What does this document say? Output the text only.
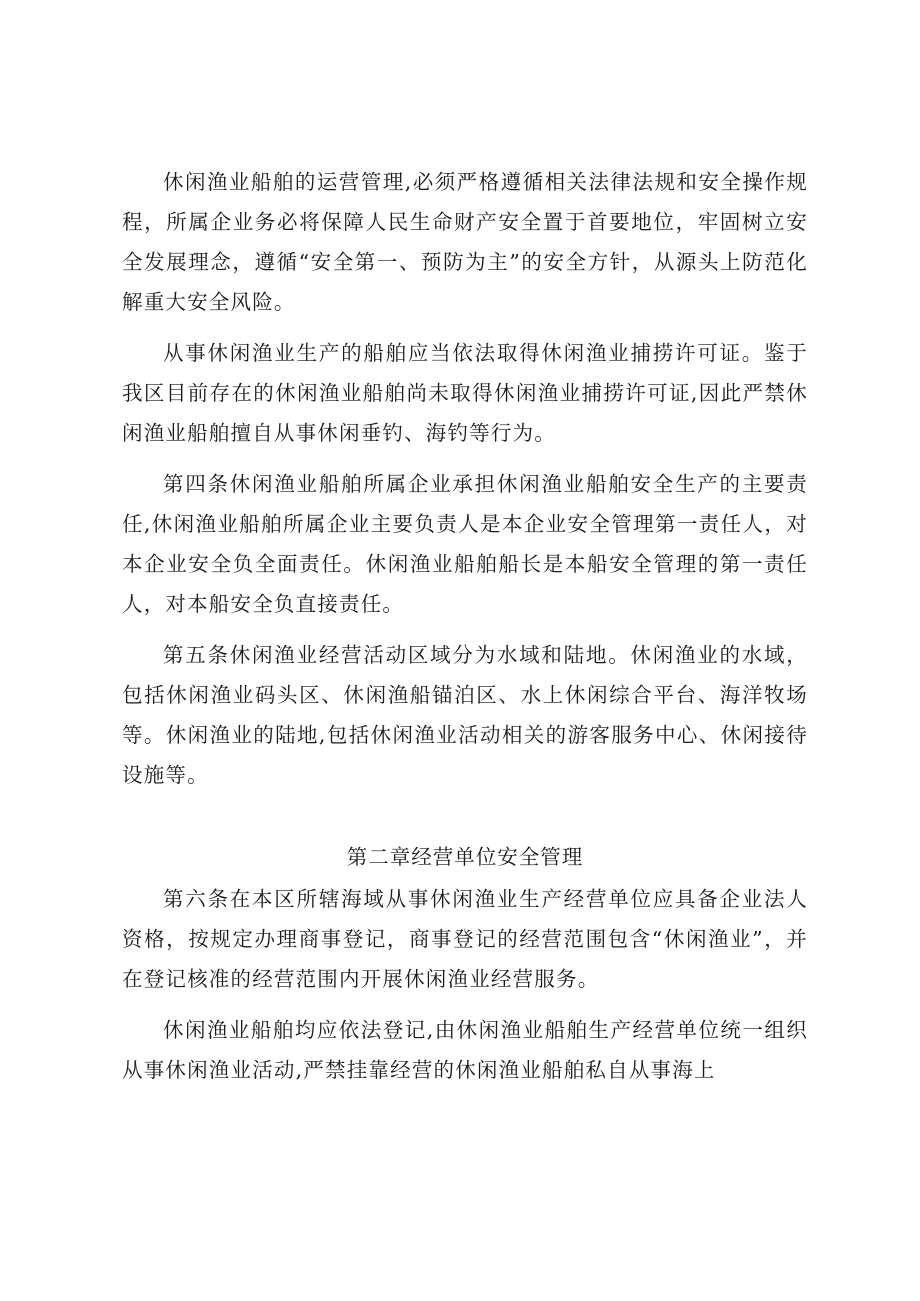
休闲渔业船舶的运营管理,必须严格遵循相关法律法规和安全操作规程，所属企业务必将保障人民生命财产安全置于首要地位，牢固树立安全发展理念，遵循“安全第一、预防为主”的安全方针，从源头上防范化解重大安全风险。

从事休闲渔业生产的船舶应当依法取得休闲渔业捕捞许可证。鉴于我区目前存在的休闲渔业船舶尚未取得休闲渔业捕捞许可证,因此严禁休闲渔业船舶擅自从事休闲垂钓、海钓等行为。

第四条休闲渔业船舶所属企业承担休闲渔业船舶安全生产的主要责任,休闲渔业船舶所属企业主要负责人是本企业安全管理第一责任人，对本企业安全负全面责任。休闲渔业船舶船长是本船安全管理的第一责任人，对本船安全负直接责任。

第五条休闲渔业经营活动区域分为水域和陆地。休闲渔业的水域，包括休闲渔业码头区、休闲渔船锚泊区、水上休闲综合平台、海洋牧场等。休闲渔业的陆地,包括休闲渔业活动相关的游客服务中心、休闲接待设施等。

第二章经营单位安全管理

第六条在本区所辖海域从事休闲渔业生产经营单位应具备企业法人资格，按规定办理商事登记，商事登记的经营范围包含“休闲渔业”，并在登记核准的经营范围内开展休闲渔业经营服务。

休闲渔业船舶均应依法登记,由休闲渔业船舶生产经营单位统一组织从事休闲渔业活动,严禁挂靠经营的休闲渔业船舶私自从事海上
